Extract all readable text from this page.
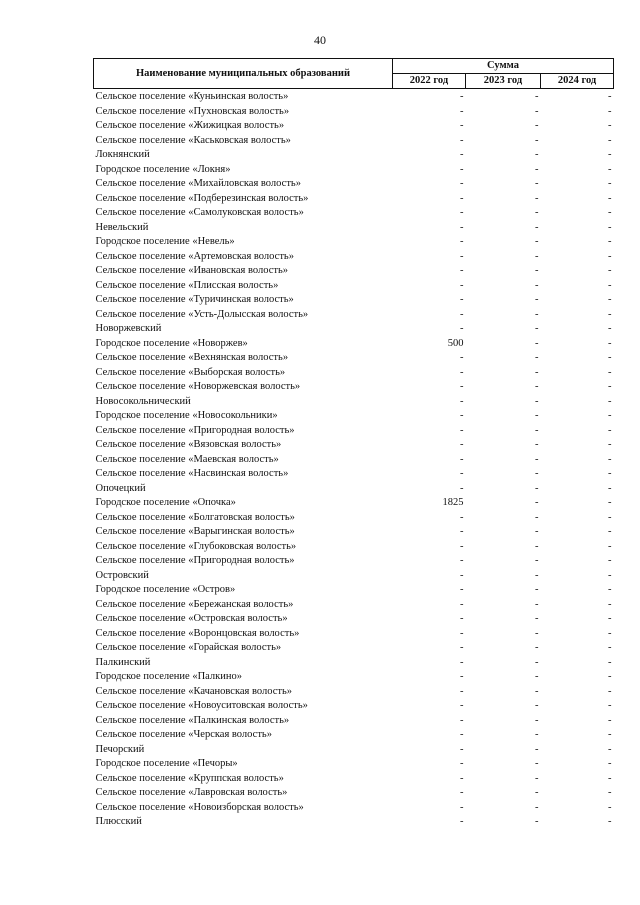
40
Наименование муниципальных образований	Сумма		
	2022 год	2023 год	2024 год
Сельское поселение «Куньинская волость»	-	-	-
Сельское поселение «Пухновская волость»	-	-	-
Сельское поселение «Жижицкая волость»	-	-	-
Сельское поселение «Каськовская волость»	-	-	-
Локнянский	-	-	-
Городское поселение «Локня»	-	-	-
Сельское поселение «Михайловская волость»	-	-	-
Сельское поселение «Подберезинская волость»	-	-	-
Сельское поселение «Самолуковская волость»	-	-	-
Невельский	-	-	-
Городское поселение «Невель»	-	-	-
Сельское поселение «Артемовская волость»	-	-	-
Сельское поселение «Ивановская волость»	-	-	-
Сельское поселение «Плисская волость»	-	-	-
Сельское поселение «Туричинская волость»	-	-	-
Сельское поселение «Усть-Долысская волость»	-	-	-
Новоржевский	-	-	-
Городское поселение «Новоржев»	500	-	-
Сельское поселение «Вехнянская волость»	-	-	-
Сельское поселение «Выборская волость»	-	-	-
Сельское поселение «Новоржевская волость»	-	-	-
Новосокольнический	-	-	-
Городское поселение «Новосокольники»	-	-	-
Сельское поселение «Пригородная волость»	-	-	-
Сельское поселение «Вязовская волость»	-	-	-
Сельское поселение «Маевская волость»	-	-	-
Сельское поселение «Насвинская волость»	-	-	-
Опочецкий	-	-	-
Городское поселение «Опочка»	1825	-	-
Сельское поселение «Болгатовская волость»	-	-	-
Сельское поселение «Варыгинская волость»	-	-	-
Сельское поселение «Глубоковская волость»	-	-	-
Сельское поселение «Пригородная волость»	-	-	-
Островский	-	-	-
Городское поселение «Остров»	-	-	-
Сельское поселение «Бережанская волость»	-	-	-
Сельское поселение «Островская волость»	-	-	-
Сельское поселение «Воронцовская волость»	-	-	-
Сельское поселение «Горайская волость»	-	-	-
Палкинский	-	-	-
Городское поселение «Палкино»	-	-	-
Сельское поселение «Качановская волость»	-	-	-
Сельское поселение «Новоуситовская волость»	-	-	-
Сельское поселение «Палкинская волость»	-	-	-
Сельское поселение «Черская волость»	-	-	-
Печорский	-	-	-
Городское поселение «Печоры»	-	-	-
Сельское поселение «Круппская волость»	-	-	-
Сельское поселение «Лавровская волость»	-	-	-
Сельское поселение «Новоизборская волость»	-	-	-
Плюсский	-	-	-
